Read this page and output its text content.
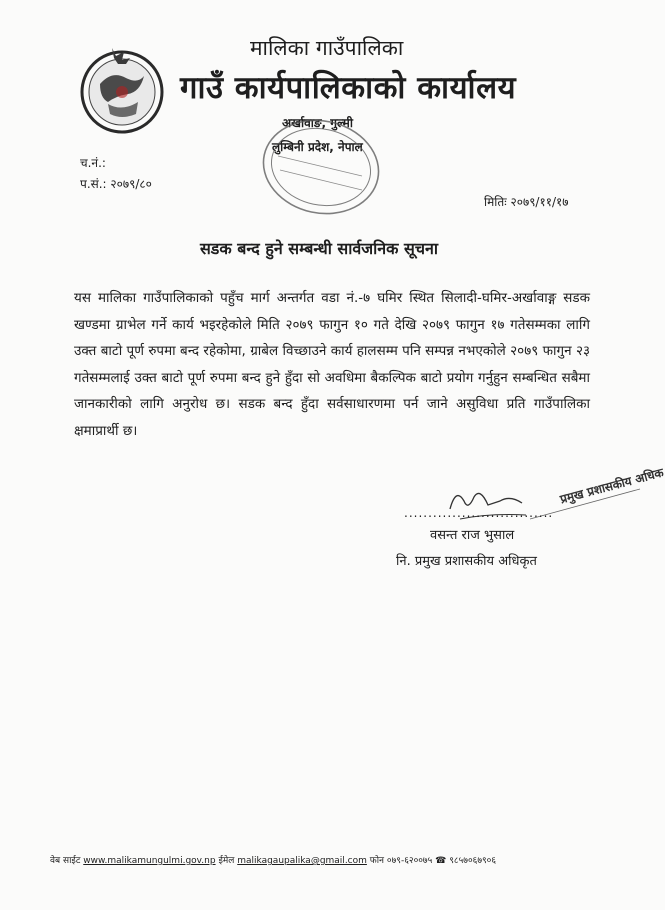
मालिका गाउँपालिका
गाउँ कार्यपालिकाको कार्यालय
अर्खावाङ, गुल्मी
लुम्बिनी प्रदेश, नेपाल
च.नं.:
प.सं.: २०७९/८०
मितिः २०७९/११/१७
सडक बन्द हुने सम्बन्धी सार्वजनिक सूचना
यस मालिका गाउँपालिकाको पहुँच मार्ग अन्तर्गत वडा नं.-७ घमिर स्थित सिलादी-घमिर-अर्खावाङ्ग सडक खण्डमा ग्राभेल गर्ने कार्य भइरहेकोले मिति २०७९ फागुन १० गते देखि २०७९ फागुन १७ गतेसम्मका लागि उक्त बाटो पूर्ण रुपमा बन्द रहेकोमा, ग्राबेल विच्छाउने कार्य हालसम्म पनि सम्पन्न नभएकोले २०७९ फागुन २३ गतेसम्मलाई उक्त बाटो पूर्ण रुपमा बन्द हुने हुँदा सो अवधिमा बैकल्पिक बाटो प्रयोग गर्नुहुन सम्बन्धित सबैमा जानकारीको लागि अनुरोध छ। सडक बन्द हुँदा सर्वसाधारणमा पर्न जाने असुविधा प्रति गाउँपालिका क्षमाप्रार्थी छ।
प्रमुख प्रशासकीय अधिक
...............................
वसन्त राज भुसाल
नि. प्रमुख प्रशासकीय अधिकृत
वेब साईट www.malikamungulmi.gov.np ईमेल malikagaupalika@gmail.com फोन ०७९-६२००७५ ☎ ९८५७०६७९०६
